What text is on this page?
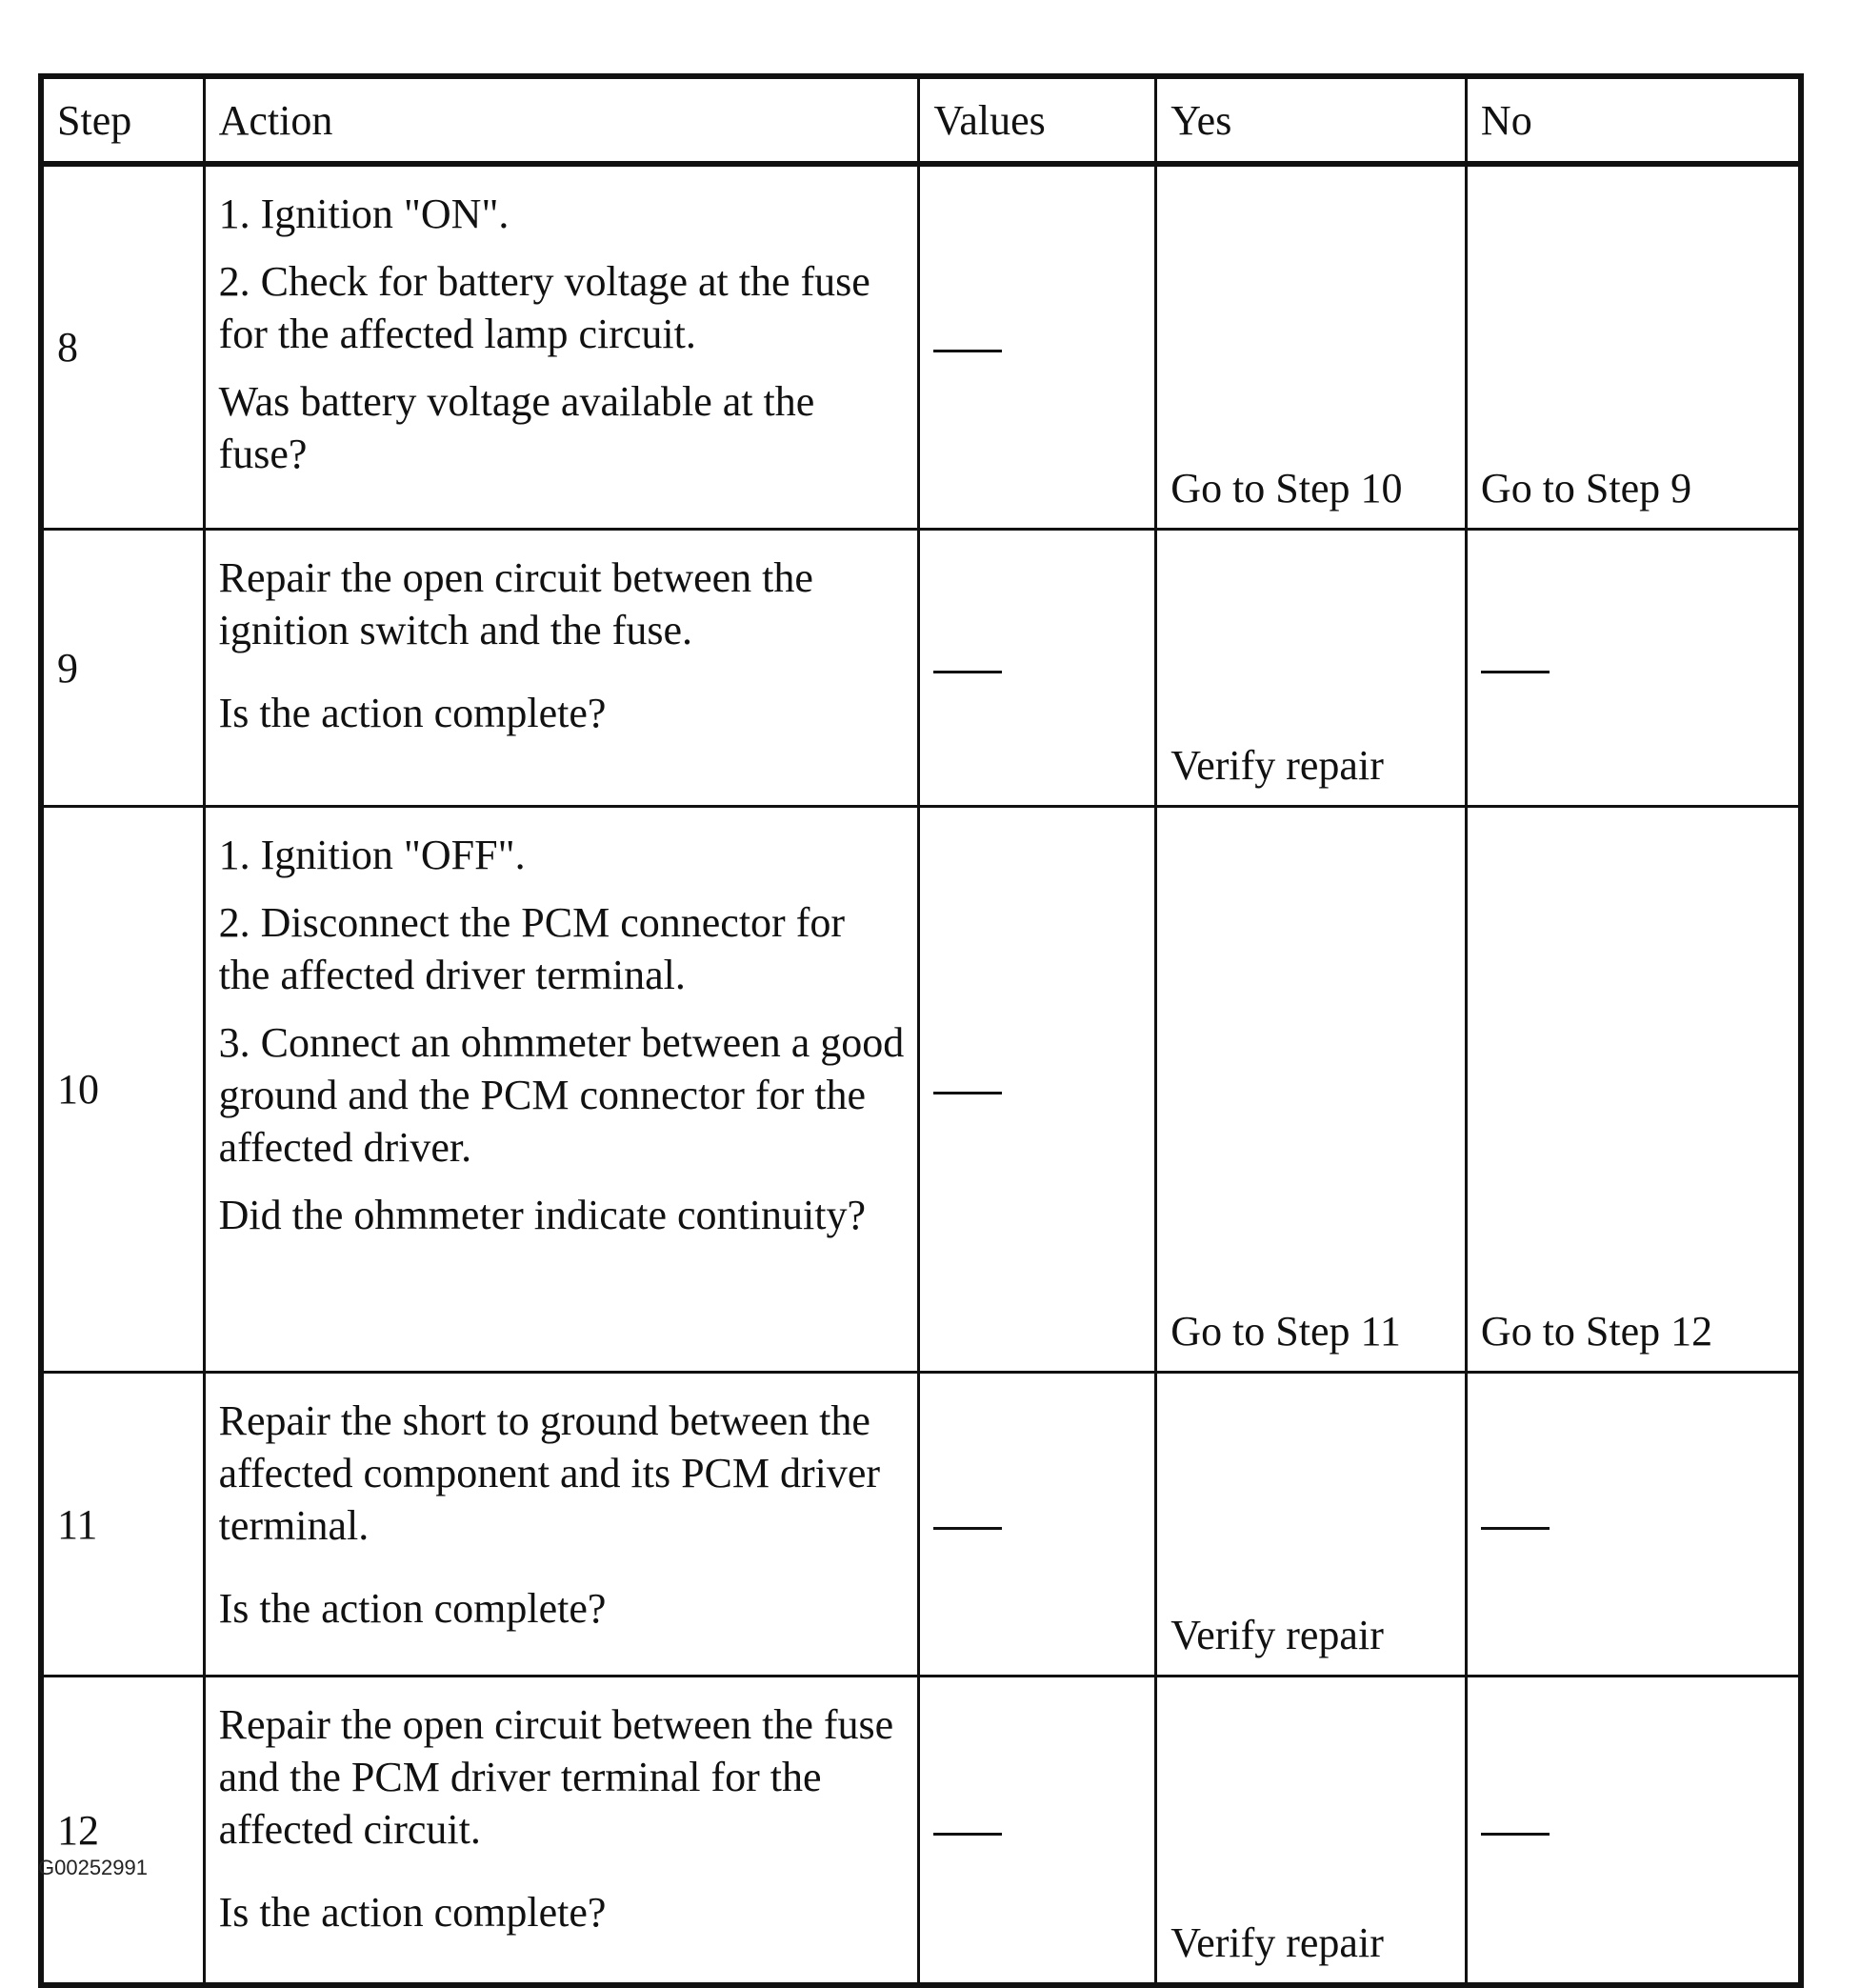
Step	Action	Values	Yes	No
8	1. Ignition "ON".
2. Check for battery voltage at the fuse for the affected lamp circuit.
Was battery voltage available at the fuse?		Go to Step 10	Go to Step 9
9	Repair the open circuit between the ignition switch and the fuse.
Is the action complete?		Verify repair	
10	1. Ignition "OFF".
2. Disconnect the PCM connector for the affected driver terminal.
3. Connect an ohmmeter between a good ground and the PCM connector for the affected driver.
Did the ohmmeter indicate continuity?		Go to Step 11	Go to Step 12
11	Repair the short to ground between the affected component and its PCM driver terminal.
Is the action complete?		Verify repair	
12	Repair the open circuit between the fuse and the PCM driver terminal for the affected circuit.
Is the action complete?		Verify repair	
G00252991
